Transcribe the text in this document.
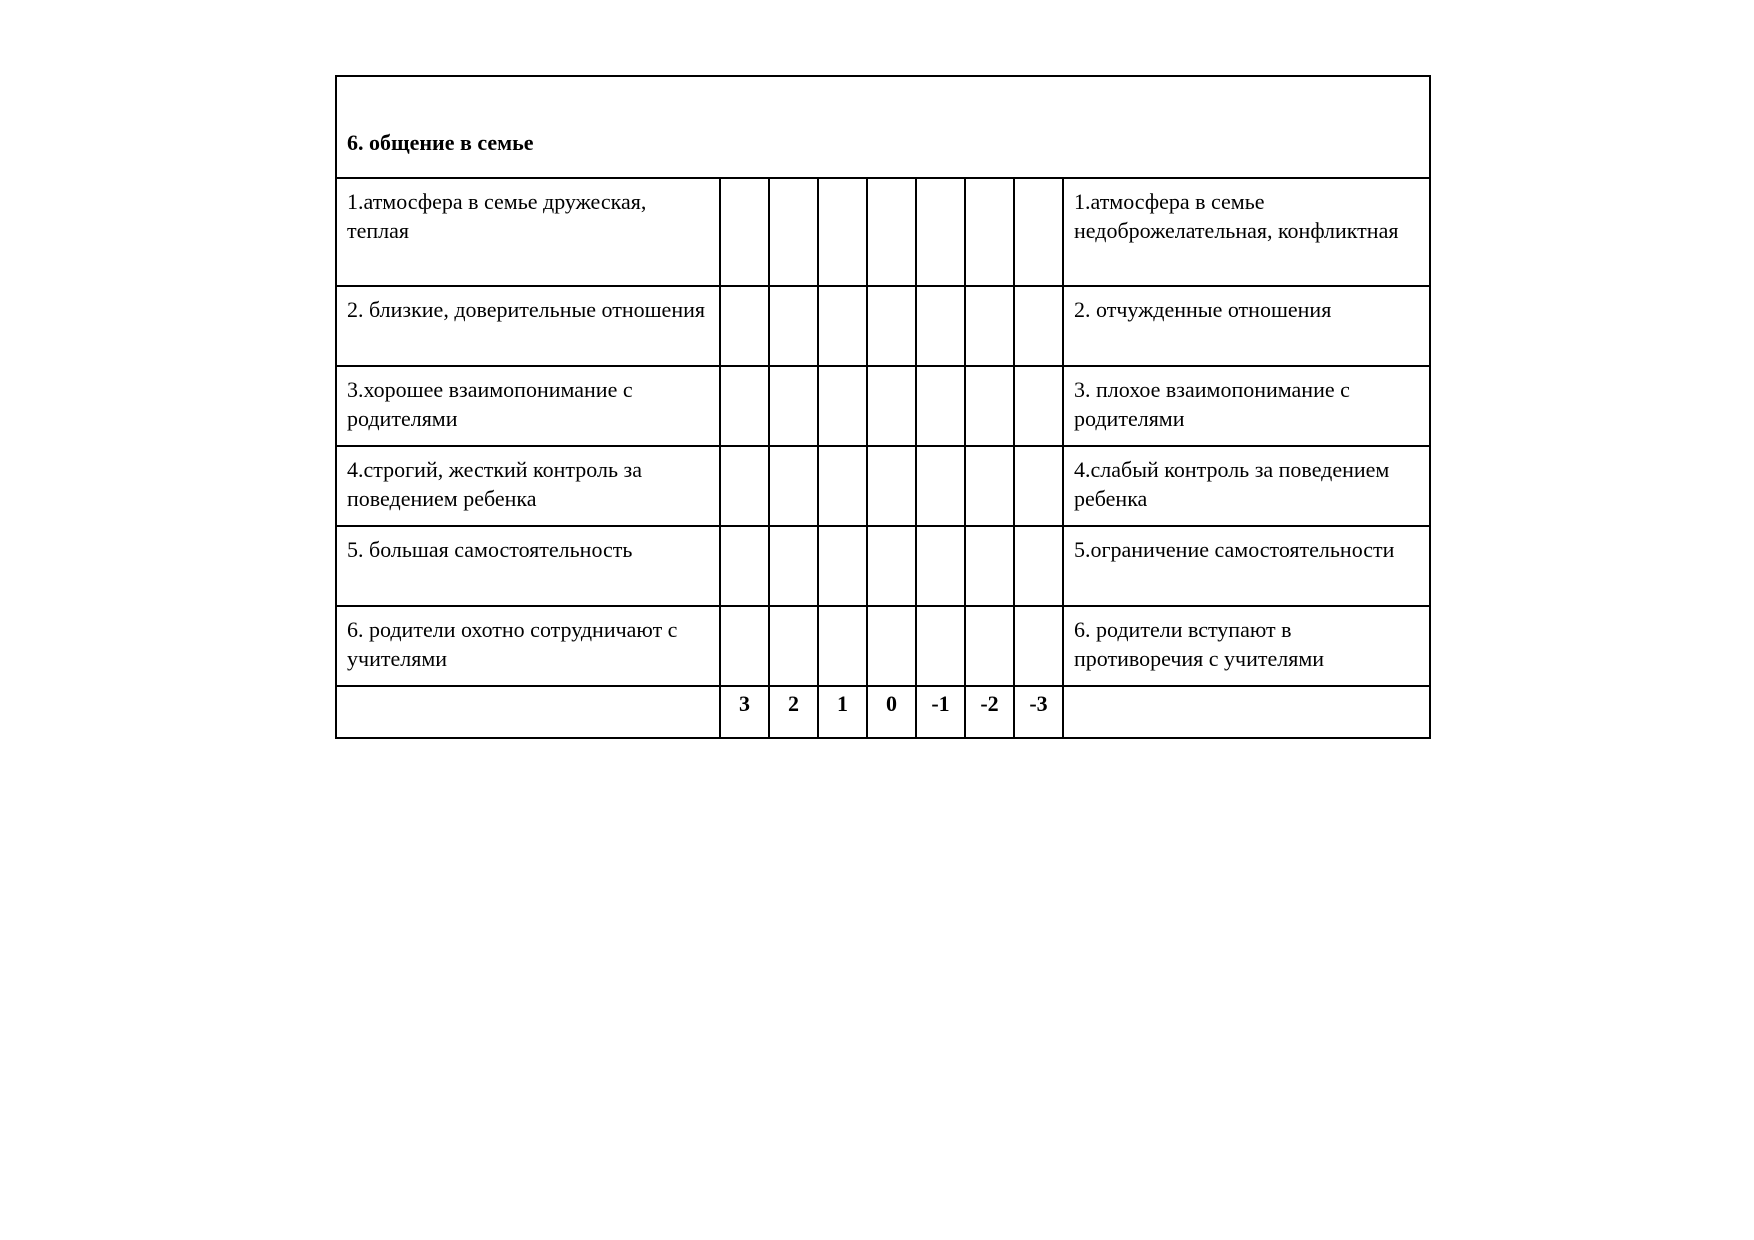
6. общение в семье								
1.атмосфера в семье дружеская, теплая								1.атмосфера в семье недоброжелательная, конфликтная
2. близкие, доверительные отношения								2. отчужденные отношения
3.хорошее взаимопонимание с родителями								3. плохое взаимопонимание с родителями
4.строгий, жесткий контроль за поведением ребенка								4.слабый контроль за поведением ребенка
5. большая самостоятельность								5.ограничение самостоятельности
6. родители охотно сотрудничают с учителями								6. родители вступают в противоречия с учителями
	3	2	1	0	-1	-2	-3	
